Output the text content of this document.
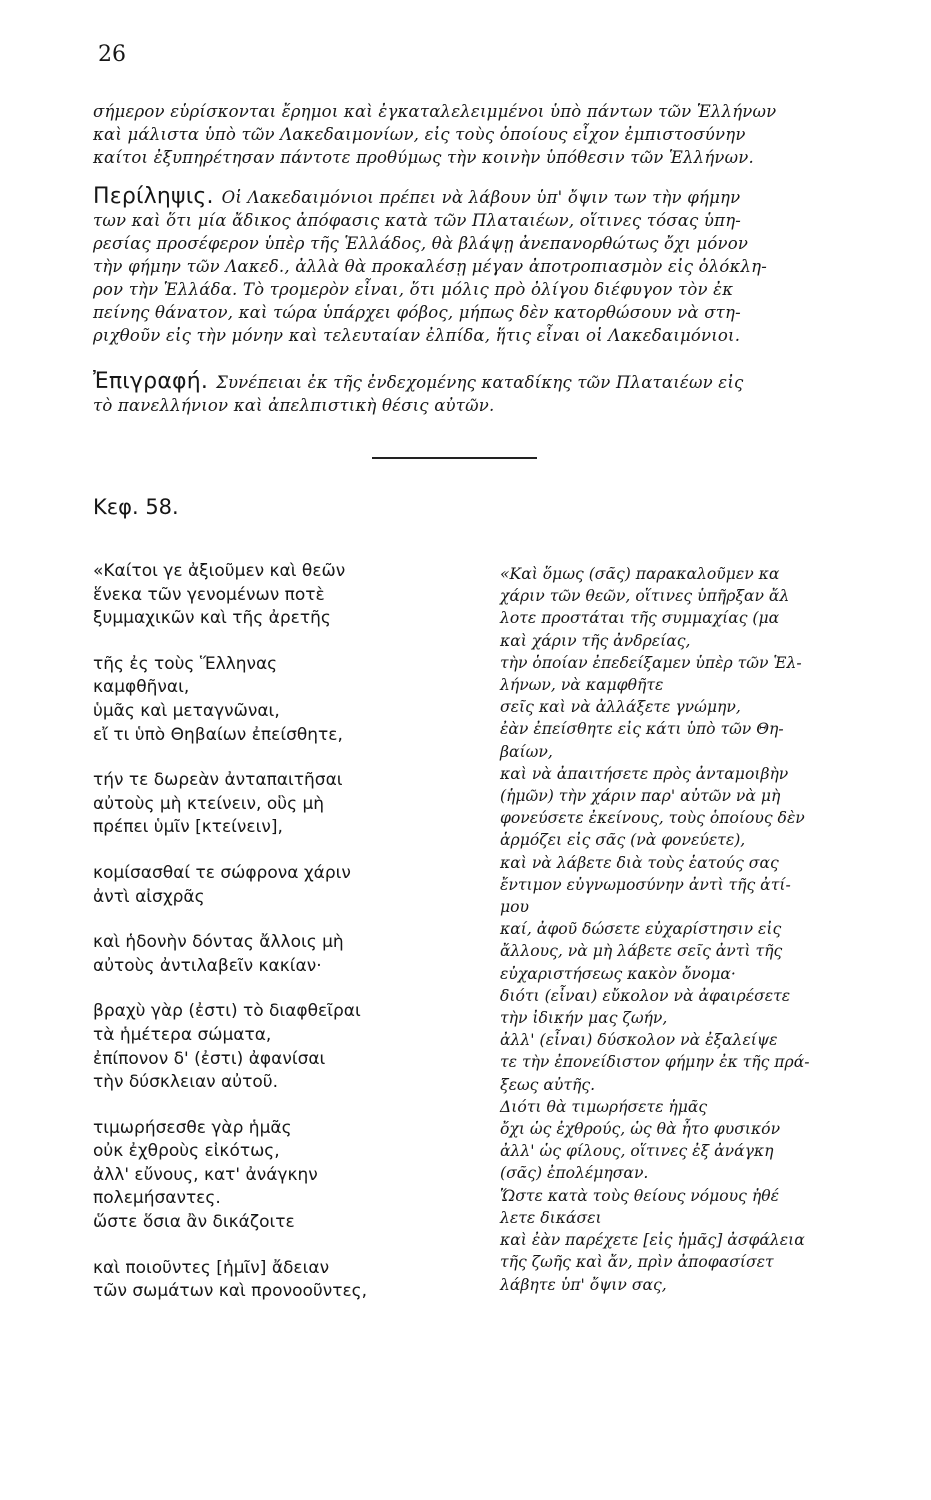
26
σήμερον εὑρίσκονται ἔρημοι καὶ ἐγκαταλελειμμένοι ὑπὸ πάντων τῶν Ἑλλήνων
καὶ μάλιστα ὑπὸ τῶν Λακεδαιμονίων, εἰς τοὺς ὁποίους εἶχον ἐμπιστοσύνην
καίτοι ἐξυπηρέτησαν πάντοτε προθύμως τὴν κοινὴν ὑπόθεσιν τῶν Ἑλλήνων.
Περίληψις. Οἱ Λακεδαιμόνιοι πρέπει νὰ λάβουν ὑπ' ὄψιν των τὴν φήμην
των καὶ ὅτι μία ἄδικος ἀπόφασις κατὰ τῶν Πλαταιέων, οἵτινες τόσας ὑπη-
ρεσίας προσέφερον ὑπὲρ τῆς Ἑλλάδος, θὰ βλάψῃ ἀνεπανορθώτως ὄχι μόνον
τὴν φήμην τῶν Λακεδ., ἀλλὰ θὰ προκαλέσῃ μέγαν ἀποτροπιασμὸν εἰς ὁλόκλη-
ρον τὴν Ἑλλάδα. Τὸ τρομερὸν εἶναι, ὅτι μόλις πρὸ ὀλίγου διέφυγον τὸν ἐκ
πείνης θάνατον, καὶ τώρα ὑπάρχει φόβος, μήπως δὲν κατορθώσουν νὰ στη-
ριχθοῦν εἰς τὴν μόνην καὶ τελευταίαν ἐλπίδα, ἥτις εἶναι οἱ Λακεδαιμόνιοι.
Ἐπιγραφή. Συνέπειαι ἐκ τῆς ἐνδεχομένης καταδίκης τῶν Πλαταιέων εἰς
τὸ πανελλήνιον καὶ ἀπελπιστικὴ θέσις αὐτῶν.
Κεφ. 58.
«Καίτοι γε ἀξιοῦμεν καὶ θεῶν
ἕνεκα τῶν γενομένων ποτὲ
ξυμμαχικῶν καὶ τῆς ἀρετῆς
τῆς ἐς τοὺς Ἕλληνας
καμφθῆναι,
ὑμᾶς καὶ μεταγνῶναι,
εἴ τι ὑπὸ Θηβαίων ἐπείσθητε,
τήν τε δωρεὰν ἀνταπαιτῆσαι
αὐτοὺς μὴ κτείνειν, οὓς μὴ
πρέπει ὑμῖν [κτείνειν],
κομίσασθαί τε σώφρονα χάριν
ἀντὶ αἰσχρᾶς
καὶ ἡδονὴν δόντας ἄλλοις μὴ
αὐτοὺς ἀντιλαβεῖν κακίαν·
βραχὺ γὰρ (ἐστι) τὸ διαφθεῖραι
τὰ ἡμέτερα σώματα,
ἐπίπονον δ' (ἐστι) ἀφανίσαι
τὴν δύσκλειαν αὐτοῦ.
τιμωρήσεσθε γὰρ ἡμᾶς
οὐκ ἐχθροὺς εἰκότως,
ἀλλ' εὔνους, κατ' ἀνάγκην
πολεμήσαντες.
ὥστε ὅσια ἂν δικάζοιτε
καὶ ποιοῦντες [ἡμῖν] ἄδειαν
τῶν σωμάτων καὶ προνοοῦντες,
«Καὶ ὅμως (σᾶς) παρακαλοῦμεν κα
χάριν τῶν θεῶν, οἵτινες ὑπῆρξαν ἄλ
λοτε προστάται τῆς συμμαχίας (μα
καὶ χάριν τῆς ἀνδρείας,
τὴν ὁποίαν ἐπεδείξαμεν ὑπὲρ τῶν Ἑλ-
λήνων, νὰ καμφθῆτε
σεῖς καὶ νὰ ἀλλάξετε γνώμην,
ἐὰν ἐπείσθητε εἰς κάτι ὑπὸ τῶν Θη-
βαίων,
καὶ νὰ ἀπαιτήσετε πρὸς ἀνταμοιβὴν
(ἡμῶν) τὴν χάριν παρ' αὐτῶν νὰ μὴ
φονεύσετε ἐκείνους, τοὺς ὁποίους δὲν
ἁρμόζει εἰς σᾶς (νὰ φονεύετε),
καὶ νὰ λάβετε διὰ τοὺς ἑατούς σας
ἔντιμον εὐγνωμοσύνην ἀντὶ τῆς ἀτί-
μου
καί, ἀφοῦ δώσετε εὐχαρίστησιν εἰς
ἄλλους, νὰ μὴ λάβετε σεῖς ἀντὶ τῆς
εὐχαριστήσεως κακὸν ὄνομα·
διότι (εἶναι) εὔκολον νὰ ἀφαιρέσετε
τὴν ἰδικήν μας ζωήν,
ἀλλ' (εἶναι) δύσκολον νὰ ἐξαλείψε
τε τὴν ἐπονείδιστον φήμην ἐκ τῆς πρά-
ξεως αὐτῆς.
Διότι θὰ τιμωρήσετε ἡμᾶς
ὄχι ὡς ἐχθρούς, ὡς θὰ ἦτο φυσικόν
ἀλλ' ὡς φίλους, οἵτινες ἐξ ἀνάγκη
(σᾶς) ἐπολέμησαν.
Ὥστε κατὰ τοὺς θείους νόμους ἠθέ
λετε δικάσει
καὶ ἐὰν παρέχετε [εἰς ἡμᾶς] ἀσφάλεια
τῆς ζωῆς καὶ ἄν, πρὶν ἀποφασίσετ
λάβητε ὑπ' ὄψιν σας,
